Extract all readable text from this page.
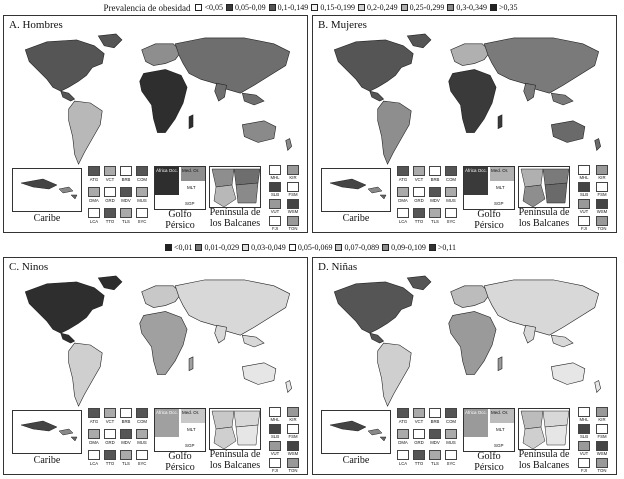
Prevalencia de obesidad <0,05 0,05-0,09 0,1-0,149 0,15-0,199 0,2-0,249 0,25-0,299 0,3-0,349 >0,35
<0,01 0,01-0,029 0,03-0,049 0,05-0,069 0,07-0,089 0,09-0,109 >0,11
A. Hombres
Caribe
ATG	VCT	BRB	COM
DMA	GRD	MDV	MUS
LCA	TTO	TLS	SYC
África Occ. Med. Or.
MLT
SGP
Golfo
Pérsico
Península de
los Balcanes
MHL	KIR
SLB	FSM
VUT	WSM
FJI	TON
B. Mujeres
Caribe
ATG	VCT	BRB	COM
DMA	GRD	MDV	MUS
LCA	TTO	TLS	SYC
África Occ. Med. Or.
MLT
SGP
Golfo
Pérsico
Península de
los Balcanes
MHL	KIR
SLB	FSM
VUT	WSM
FJI	TON
C. Ninos
Caribe
ATG	VCT	BRB	COM
DMA	GRD	MDV	MUS
LCA	TTO	TLS	SYC
África Occ. Med. Or.
MLT
SGP
Golfo
Pérsico
Península de
los Balcanes
MHL	KIR
SLB	FSM
VUT	WSM
FJI	TON
D. Niñas
Caribe
ATG	VCT	BRB	COM
DMA	GRD	MDV	MUS
LCA	TTO	TLS	SYC
África Occ. Med. Or.
MLT
SGP
Golfo
Pérsico
Península de
los Balcanes
MHL	KIR
SLB	FSM
VUT	WSM
FJI	TON
